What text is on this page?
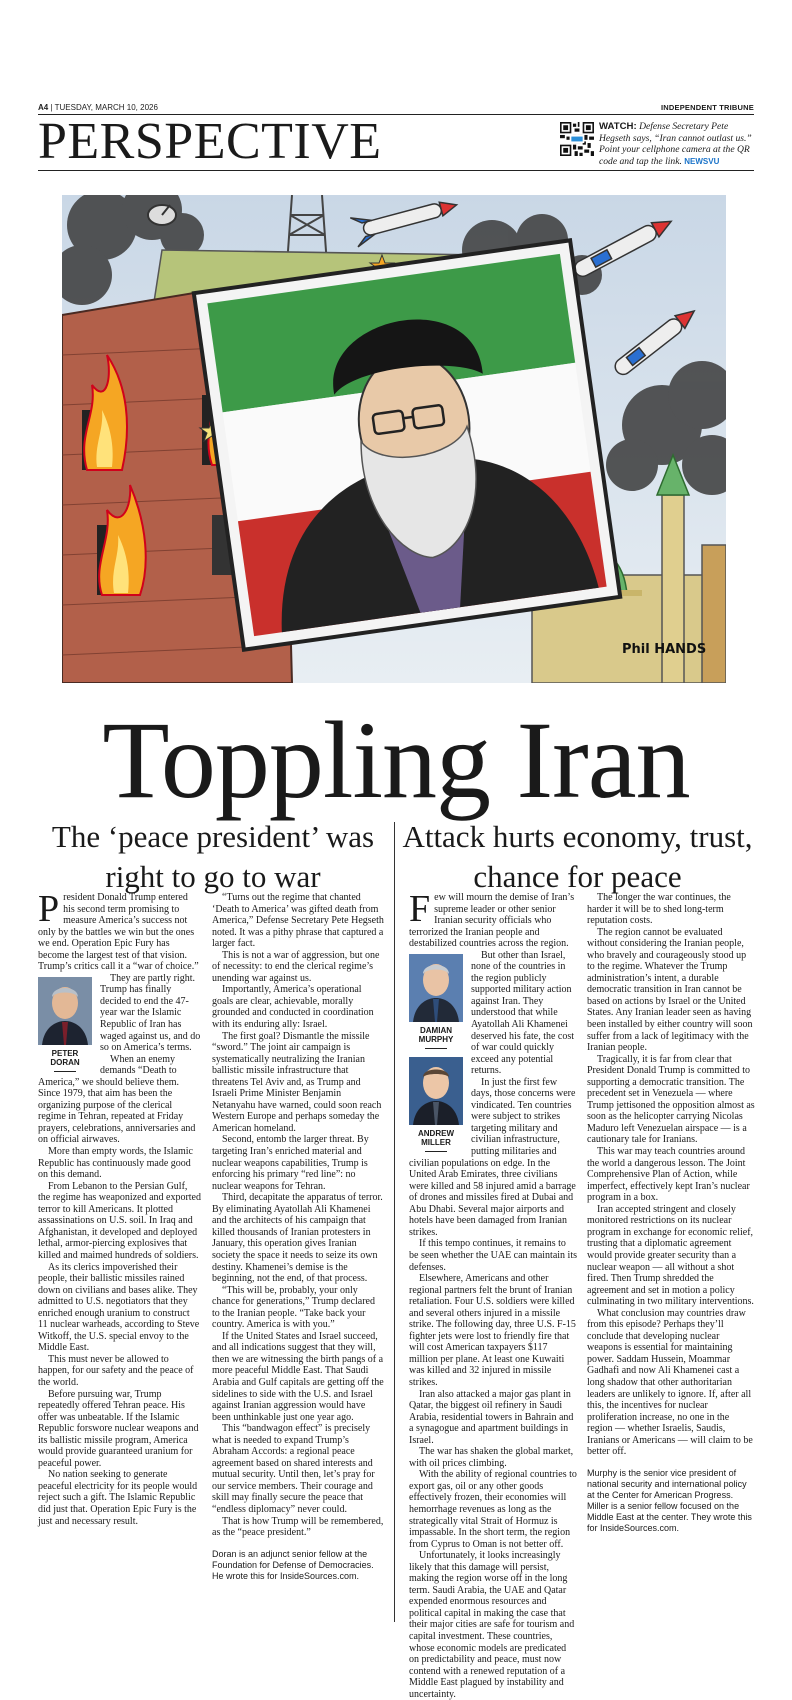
A4 | TUESDAY, MARCH 10, 2026	INDEPENDENT TRIBUNE
PERSPECTIVE	WATCH: Defense Secretary Pete Hegseth says, “Iran cannot outlast us.” Point your cellphone camera at the QR code and tap the link. NEWSVU
Phil HANDS
Toppling Iran
The ‘peace president’ was right to go to war
Attack hurts economy, trust, chance for peace

President Donald Trump entered his second term promising to measure America’s success not only by the battles we win but the ones we end. Operation Epic Fury has become the largest test of that vision. Trump’s critics call it a “war of choice.”

PETER DORAN

They are partly right. Trump has finally decided to end the 47-year war the Islamic Republic of Iran has waged against us, and do so on America’s terms.

When an enemy demands “Death to America,” we should believe them. Since 1979, that aim has been the organizing purpose of the clerical regime in Tehran, repeated at Friday prayers, celebrations, anniversaries and on official airwaves.

More than empty words, the Islamic Republic has continuously made good on this demand.

From Lebanon to the Persian Gulf, the regime has weaponized and exported terror to kill Americans. It plotted assassinations on U.S. soil. In Iraq and Afghanistan, it developed and deployed lethal, armor-piercing explosives that killed and maimed hundreds of soldiers.

As its clerics impoverished their people, their ballistic missiles rained down on civilians and bases alike. They admitted to U.S. negotiators that they enriched enough uranium to construct 11 nuclear warheads, according to Steve Witkoff, the U.S. special envoy to the Middle East.

This must never be allowed to happen, for our safety and the peace of the world.

Before pursuing war, Trump repeatedly offered Tehran peace. His offer was unbeatable. If the Islamic Republic forswore nuclear weapons and its ballistic missile program, America would provide guaranteed uranium for peaceful power.

No nation seeking to generate peaceful electricity for its people would reject such a gift. The Islamic Republic did just that. Operation Epic Fury is the just and necessary result.

“Turns out the regime that chanted ‘Death to America’ was gifted death from America,” Defense Secretary Pete Hegseth noted. It was a pithy phrase that captured a larger fact.

This is not a war of aggression, but one of necessity: to end the clerical regime’s unending war against us.

Importantly, America’s operational goals are clear, achievable, morally grounded and conducted in coordination with its enduring ally: Israel.

The first goal? Dismantle the missile “sword.” The joint air campaign is systematically neutralizing the Iranian ballistic missile infrastructure that threatens Tel Aviv and, as Trump and Israeli Prime Minister Benjamin Netanyahu have warned, could soon reach Western Europe and perhaps someday the American homeland.

Second, entomb the larger threat. By targeting Iran’s enriched material and nuclear weapons capabilities, Trump is enforcing his primary “red line”: no nuclear weapons for Tehran.

Third, decapitate the apparatus of terror. By eliminating Ayatollah Ali Khamenei and the architects of his campaign that killed thousands of Iranian protesters in January, this operation gives Iranian society the space it needs to seize its own destiny. Khamenei’s demise is the beginning, not the end, of that process.

“This will be, probably, your only chance for generations,” Trump declared to the Iranian people. “Take back your country. America is with you.”

If the United States and Israel succeed, and all indications suggest that they will, then we are witnessing the birth pangs of a more peaceful Middle East. That Saudi Arabia and Gulf capitals are getting off the sidelines to side with the U.S. and Israel against Iranian aggression would have been unthinkable just one year ago.

This “bandwagon effect” is precisely what is needed to expand Trump’s Abraham Accords: a regional peace agreement based on shared interests and mutual security. Until then, let’s pray for our service members. Their courage and skill may finally secure the peace that “endless diplomacy” never could.

That is how Trump will be remembered, as the “peace president.”

Doran is an adjunct senior fellow at the Foundation for Defense of Democracies. He wrote this for InsideSources.com.

Few will mourn the demise of Iran’s supreme leader or other senior Iranian security officials who terrorized the Iranian people and destabilized countries across the region.

DAMIAN MURPHY
ANDREW MILLER

But other than Israel, none of the countries in the region publicly supported military action against Iran. They understood that while Ayatollah Ali Khamenei deserved his fate, the cost of war could quickly exceed any potential returns.

In just the first few days, those concerns were vindicated. Ten countries were subject to strikes targeting military and civilian infrastructure, putting militaries and civilian populations on edge. In the United Arab Emirates, three civilians were killed and 58 injured amid a barrage of drones and missiles fired at Dubai and Abu Dhabi. Several major airports and hotels have been damaged from Iranian strikes.

If this tempo continues, it remains to be seen whether the UAE can maintain its defenses.

Elsewhere, Americans and other regional partners felt the brunt of Iranian retaliation. Four U.S. soldiers were killed and several others injured in a missile strike. The following day, three U.S. F-15 fighter jets were lost to friendly fire that will cost American taxpayers $117 million per plane. At least one Kuwaiti was killed and 32 injured in missile strikes.

Iran also attacked a major gas plant in Qatar, the biggest oil refinery in Saudi Arabia, residential towers in Bahrain and a synagogue and apartment buildings in Israel.

The war has shaken the global market, with oil prices climbing.

With the ability of regional countries to export gas, oil or any other goods effectively frozen, their economies will hemorrhage revenues as long as the strategically vital Strait of Hormuz is impassable. In the short term, the region from Cyprus to Oman is not better off.

Unfortunately, it looks increasingly likely that this damage will persist, making the region worse off in the long term. Saudi Arabia, the UAE and Qatar expended enormous resources and political capital in making the case that their major cities are safe for tourism and capital investment. These countries, whose economic models are predicated on predictability and peace, must now contend with a renewed reputation of a Middle East plagued by instability and uncertainty.

The longer the war continues, the harder it will be to shed long-term reputation costs.

The region cannot be evaluated without considering the Iranian people, who bravely and courageously stood up to the regime. Whatever the Trump administration’s intent, a durable democratic transition in Iran cannot be based on actions by Israel or the United States. Any Iranian leader seen as having been installed by either country will soon suffer from a lack of legitimacy with the Iranian people.

Tragically, it is far from clear that President Donald Trump is committed to supporting a democratic transition. The precedent set in Venezuela — where Trump jettisoned the opposition almost as soon as the helicopter carrying Nicolas Maduro left Venezuelan airspace — is a cautionary tale for Iranians.

This war may teach countries around the world a dangerous lesson. The Joint Comprehensive Plan of Action, while imperfect, effectively kept Iran’s nuclear program in a box.

Iran accepted stringent and closely monitored restrictions on its nuclear program in exchange for economic relief, trusting that a diplomatic agreement would provide greater security than a nuclear weapon — all without a shot fired. Then Trump shredded the agreement and set in motion a policy culminating in two military interventions.

What conclusion may countries draw from this episode? Perhaps they’ll conclude that developing nuclear weapons is essential for maintaining power. Saddam Hussein, Moammar Gadhafi and now Ali Khamenei cast a long shadow that other authoritarian leaders are unlikely to ignore. If, after all this, the incentives for nuclear proliferation increase, no one in the region — whether Israelis, Saudis, Iranians or Americans — will claim to be better off.

Murphy is the senior vice president of national security and international policy at the Center for American Progress. Miller is a senior fellow focused on the Middle East at the center. They wrote this for InsideSources.com.
